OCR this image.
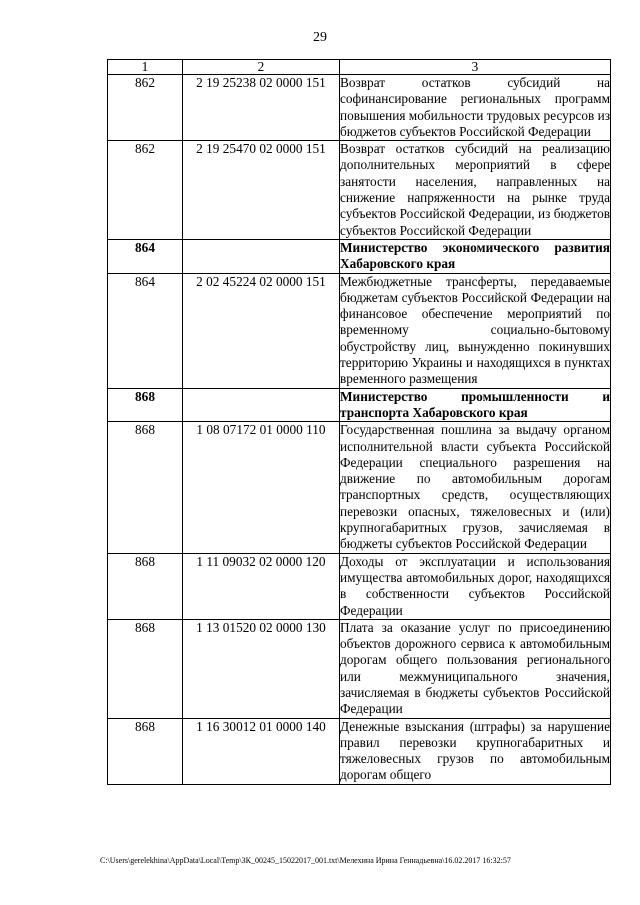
29
1	2	3
862	2 19 25238 02 0000 151	Возврат остатков субсидий на софинансирование региональных программ повышения мобильности трудовых ресурсов из бюджетов субъектов Российской Федерации
862	2 19 25470 02 0000 151	Возврат остатков субсидий на реализацию дополнительных мероприятий в сфере занятости населения, направленных на снижение напряженности на рынке труда субъектов Российской Федерации, из бюджетов субъектов Российской Федерации
864		Министерство экономического развития Хабаровского края
864	2 02 45224 02 0000 151	Межбюджетные трансферты, передаваемые бюджетам субъектов Российской Федерации на финансовое обеспечение мероприятий по временному социально-бытовому обустройству лиц, вынужденно покинувших территорию Украины и находящихся в пунктах временного размещения
868		Министерство промышленности и транспорта Хабаровского края
868	1 08 07172 01 0000 110	Государственная пошлина за выдачу органом исполнительной власти субъекта Российской Федерации специального разрешения на движение по автомобильным дорогам транспортных средств, осуществляющих перевозки опасных, тяжеловесных и (или) крупногабаритных грузов, зачисляемая в бюджеты субъектов Российской Федерации
868	1 11 09032 02 0000 120	Доходы от эксплуатации и использования имущества автомобильных дорог, находящихся в собственности субъектов Российской Федерации
868	1 13 01520 02 0000 130	Плата за оказание услуг по присоединению объектов дорожного сервиса к автомобильным дорогам общего пользования регионального или межмуниципального значения, зачисляемая в бюджеты субъектов Российской Федерации
868	1 16 30012 01 0000 140	Денежные взыскания (штрафы) за нарушение правил перевозки крупногабаритных и тяжеловесных грузов по автомобильным дорогам общего
C:\Users\gerelekhina\AppData\Local\Temp\ЗК_00245_15022017_001.txt\Мелехина Ирина Геннадьевна\16.02.2017 16:32:57
